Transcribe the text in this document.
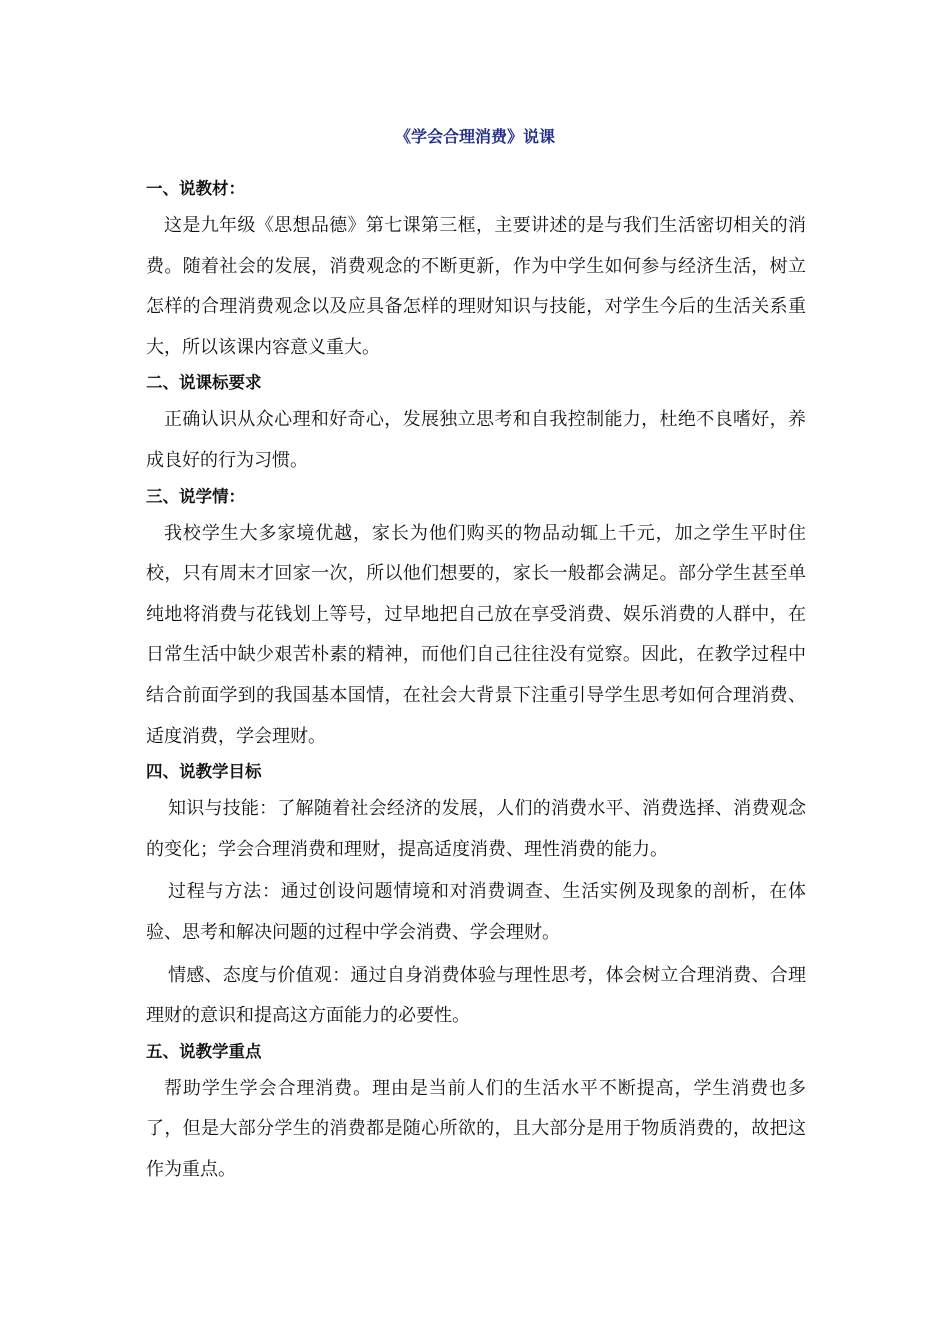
《学会合理消费》说课
一、说教材：

这是九年级《思想品德》第七课第三框，主要讲述的是与我们生活密切相关的消费。随着社会的发展，消费观念的不断更新，作为中学生如何参与经济生活，树立怎样的合理消费观念以及应具备怎样的理财知识与技能，对学生今后的生活关系重大，所以该课内容意义重大。

二、说课标要求

正确认识从众心理和好奇心，发展独立思考和自我控制能力，杜绝不良嗜好，养成良好的行为习惯。

三、说学情：

我校学生大多家境优越，家长为他们购买的物品动辄上千元，加之学生平时住校，只有周末才回家一次，所以他们想要的，家长一般都会满足。部分学生甚至单纯地将消费与花钱划上等号，过早地把自己放在享受消费、娱乐消费的人群中，在日常生活中缺少艰苦朴素的精神，而他们自己往往没有觉察。因此，在教学过程中结合前面学到的我国基本国情，在社会大背景下注重引导学生思考如何合理消费、适度消费，学会理财。

四、说教学目标

知识与技能：了解随着社会经济的发展，人们的消费水平、消费选择、消费观念的变化；学会合理消费和理财，提高适度消费、理性消费的能力。

过程与方法：通过创设问题情境和对消费调查、生活实例及现象的剖析，在体验、思考和解决问题的过程中学会消费、学会理财。

情感、态度与价值观：通过自身消费体验与理性思考，体会树立合理消费、合理理财的意识和提高这方面能力的必要性。

五、说教学重点

帮助学生学会合理消费。理由是当前人们的生活水平不断提高，学生消费也多了，但是大部分学生的消费都是随心所欲的，且大部分是用于物质消费的，故把这作为重点。
